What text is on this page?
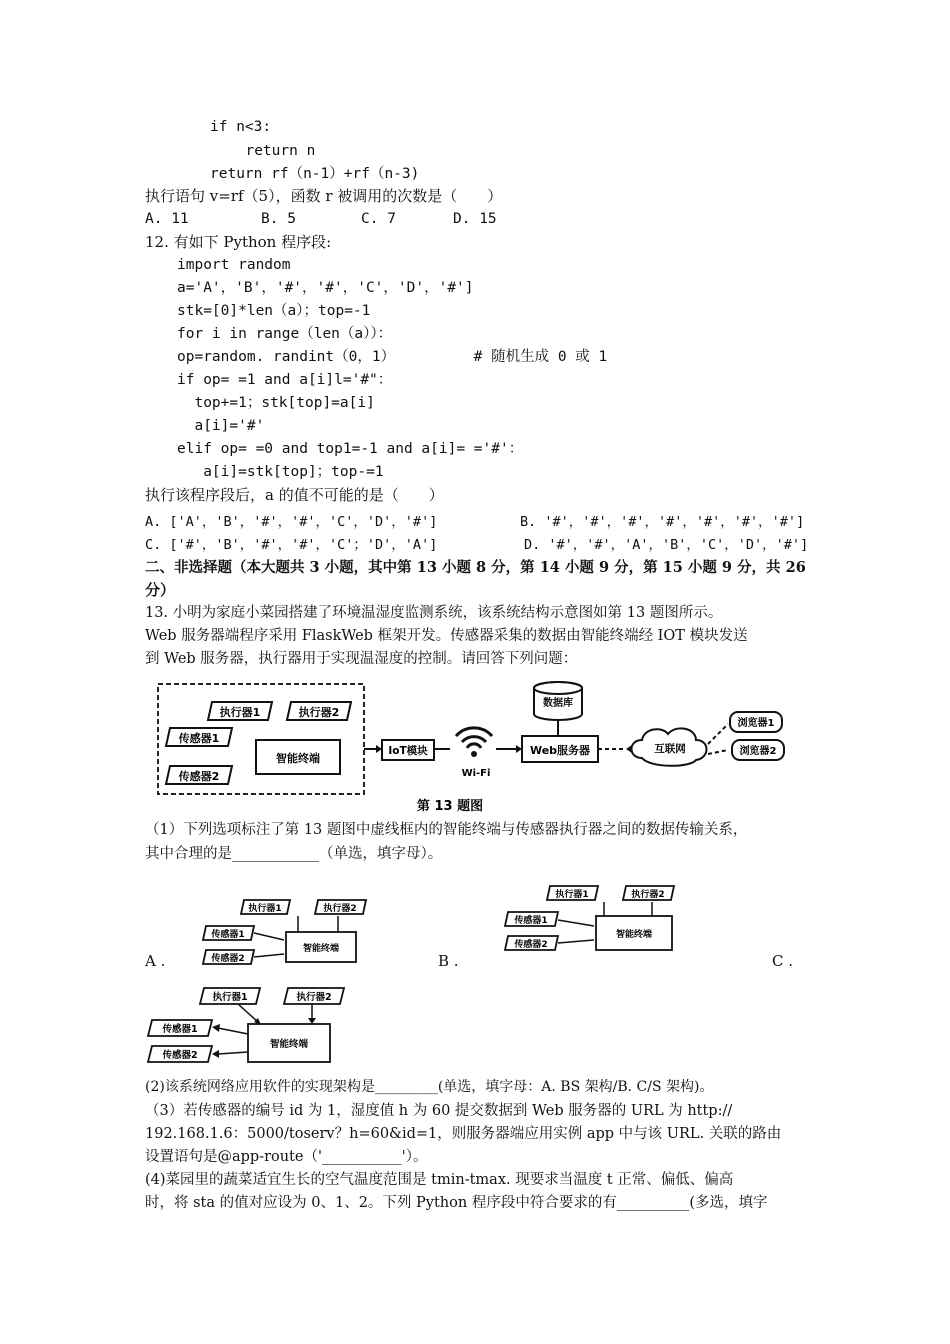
if n<3:
return n
return rf（n-1）+rf（n-3)
执行语句 v=rf（5），函数 r 被调用的次数是（　　）
A. 11	B. 5	C. 7	D. 15
12. 有如下 Python 程序段:
import random
a='A'，'B'，'#'，'#'，'C'，'D'，'#']
stk=[0]*len（a）；top=-1
for i in range（len（a））：
op=random. randint（0，1）         # 随机生成 0 或 1
if op= =1 and a[i]l='#"：
top+=1；stk[top]=a[i]
a[i]='#'
elif op= =0 and top1=-1 and a[i]= ='#'：
a[i]=stk[top]；top-=1
执行该程序段后，a 的值不可能的是（　　）
A. ['A'，'B'，'#'，'#'，'C'，'D'，'#']	B. '#'，'#'，'#'，'#'，'#'，'#'，'#']
C. ['#'，'B'，'#'，'#'，'C'；'D'，'A']	D. '#'，'#'，'A'，'B'，'C'，'D'，'#']
二、非选择题（本大题共 3 小题，其中第 13 小题 8 分，第 14 小题 9 分，第 15 小题 9 分，共 26
分）
13. 小明为家庭小菜园搭建了环境温湿度监测系统，该系统结构示意图如第 13 题图所示。
Web 服务器端程序采用 FlaskWeb 框架开发。传感器采集的数据由智能终端经 IOT 模块发送
到 Web 服务器，执行器用于实现温湿度的控制。请回答下列问题：
执行器1	执行器2
传感器1
传感器2
智能终端
IoT模块
Wi-Fi
Web服务器
数据库
互联网
浏览器1
浏览器2
第 13 题图
（1）下列选项标注了第 13 题图中虚线框内的智能终端与传感器执行器之间的数据传输关系，
其中合理的是____________（单选，填字母）。
执行器1	执行器2
传感器1
传感器2
智能终端
A .
执行器1	执行器2
传感器1
传感器2
智能终端
B .	C .
执行器1	执行器2
传感器1
传感器2
智能终端
(2)该系统网络应用软件的实现架构是_________(单选，填字母：A. BS 架构/B. C/S 架构)。
（3）若传感器的编号 id 为 1，湿度值 h 为 60 提交数据到 Web 服务器的 URL 为 http://
192.168.1.6：5000/toserv？h=60&id=1，则服务器端应用实例 app 中与该 URL. 关联的路由
设置语句是@app-route（'___________'）。
(4)菜园里的蔬菜适宜生长的空气温度范围是 tmin-tmax. 现要求当温度 t 正常、偏低、偏高
时，将 sta 的值对应设为 0、1、2。下列 Python 程序段中符合要求的有__________(多选，填字
